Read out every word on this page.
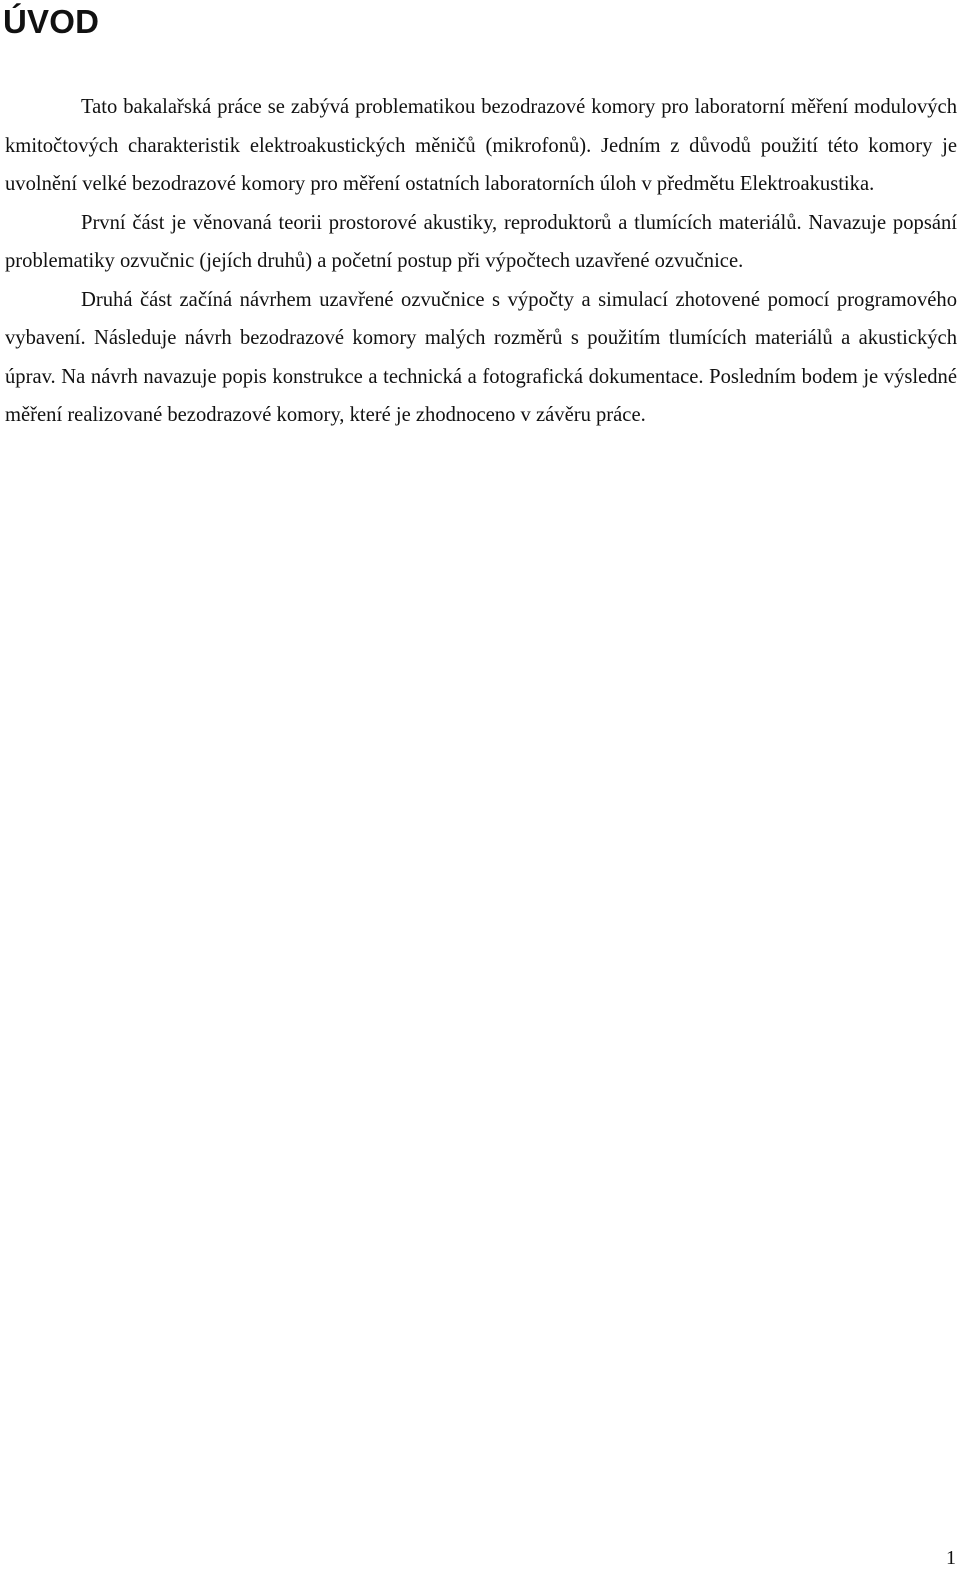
ÚVOD

Tato bakalařská práce se zabývá problematikou bezodrazové komory pro laboratorní měření modulových kmitočtových charakteristik elektroakustických měničů (mikrofonů). Jedním z důvodů použití této komory je uvolnění velké bezodrazové komory pro měření ostatních laboratorních úloh v předmětu Elektroakustika.

První část je věnovaná teorii prostorové akustiky, reproduktorů a tlumících materiálů. Navazuje popsání problematiky ozvučnic (jejích druhů) a početní postup při výpočtech uzavřené ozvučnice.

Druhá část začíná návrhem uzavřené ozvučnice s výpočty a simulací zhotovené pomocí programového vybavení. Následuje návrh bezodrazové komory malých rozměrů s použitím tlumících materiálů a akustických úprav. Na návrh navazuje popis konstrukce a technická a fotografická dokumentace. Posledním bodem je výsledné měření realizované bezodrazové komory, které je zhodnoceno v závěru práce.

1
